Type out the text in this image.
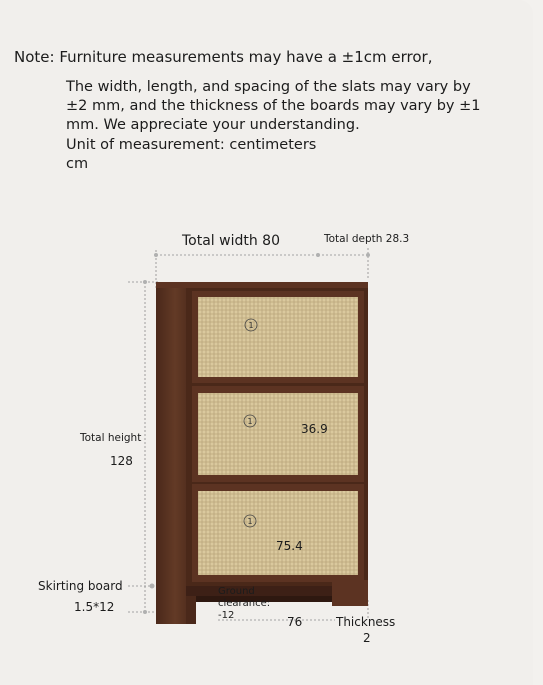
Note: Furniture measurements may have a ±1cm error,
The width, length, and spacing of the slats may vary by ±2 mm, and the thickness of the boards may vary by ±1 mm. We appreciate your understanding.
Unit of measurement: centimeters
cm
1
1
1
Total width 80	Total depth 28.3
Total height
128
36.9
75.4
Skirting board
1.5*12
Ground clearance: -12	76	Thickness
2
